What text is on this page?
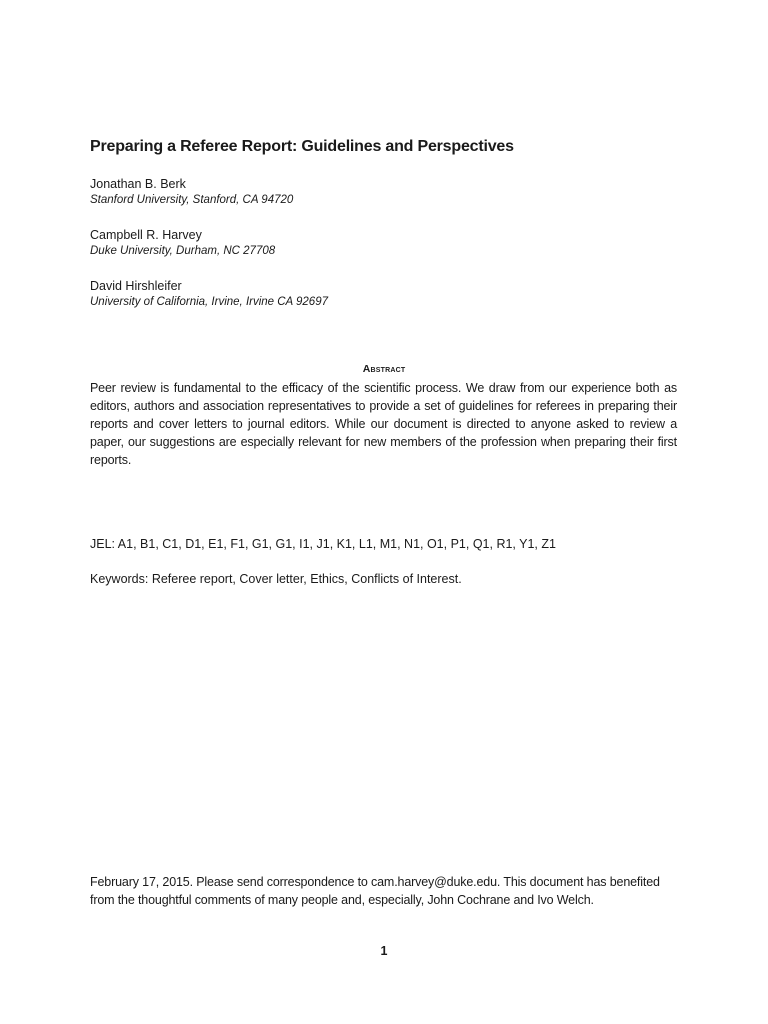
Preparing a Referee Report: Guidelines and Perspectives
Jonathan B. Berk
Stanford University, Stanford, CA 94720
Campbell R. Harvey
Duke University, Durham, NC 27708
David Hirshleifer
University of California, Irvine, Irvine CA 92697
Abstract

Peer review is fundamental to the efficacy of the scientific process. We draw from our experience both as editors, authors and association representatives to provide a set of guidelines for referees in preparing their reports and cover letters to journal editors. While our document is directed to anyone asked to review a paper, our suggestions are especially relevant for new members of the profession when preparing their first reports.

JEL: A1, B1, C1, D1, E1, F1, G1, G1, I1, J1, K1, L1, M1, N1, O1, P1, Q1, R1, Y1, Z1
Keywords: Referee report, Cover letter, Ethics, Conflicts of Interest.
February 17, 2015. Please send correspondence to cam.harvey@duke.edu. This document has benefited
from the thoughtful comments of many people and, especially, John Cochrane and Ivo Welch.
1
